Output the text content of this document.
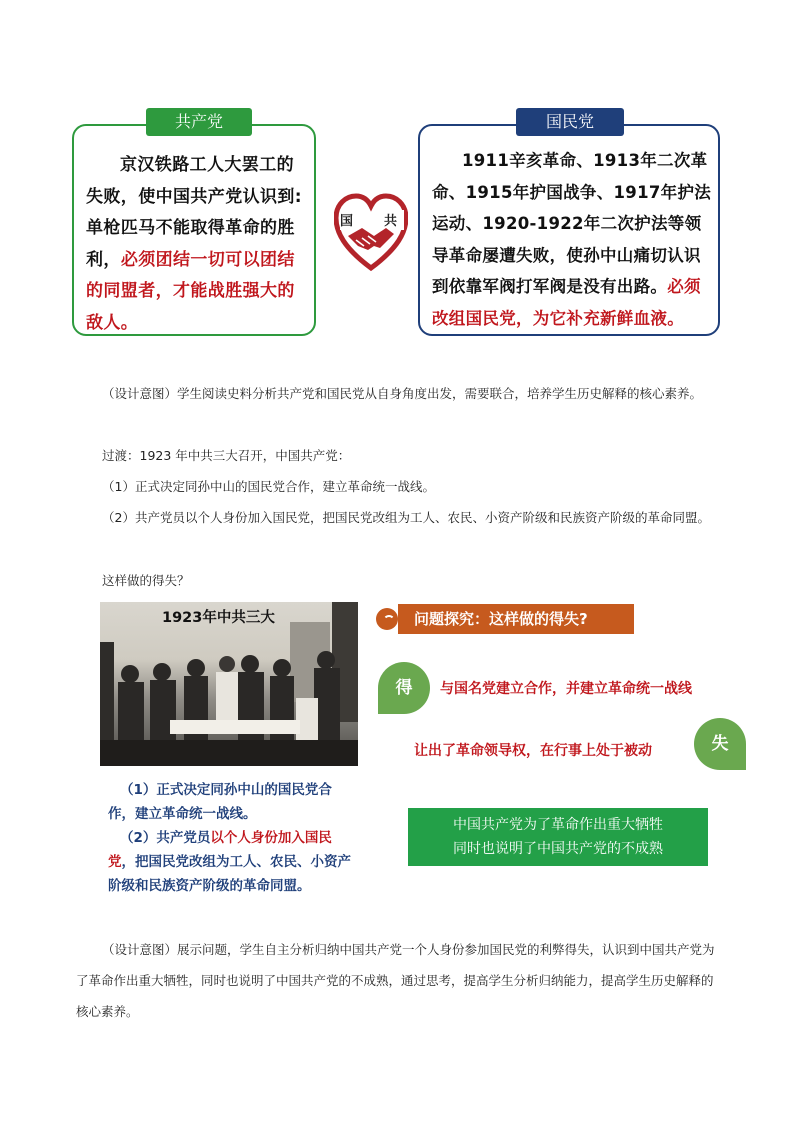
共产党
京汉铁路工人大罢工的失败，使中国共产党认识到:单枪匹马不能取得革命的胜利，必须团结一切可以团结的同盟者，才能战胜强大的敌人。
国 共
国民党
1911辛亥革命、1913年二次革命、1915年护国战争、1917年护法运动、1920-1922年二次护法等领导革命屡遭失败，使孙中山痛切认识到依靠军阀打军阀是没有出路。必须改组国民党，为它补充新鲜血液。
（设计意图）学生阅读史料分析共产党和国民党从自身角度出发，需要联合，培养学生历史解释的核心素养。
过渡：1923 年中共三大召开，中国共产党：
（1）正式决定同孙中山的国民党合作，建立革命统一战线。
（2）共产党员以个人身份加入国民党，把国民党改组为工人、农民、小资产阶级和民族资产阶级的革命同盟。
这样做的得失？
1923年中共三大
（1）正式决定同孙中山的国民党合作，建立革命统一战线。
（2）共产党员以个人身份加入国民党，把国民党改组为工人、农民、小资产阶级和民族资产阶级的革命同盟。
问题探究：这样做的得失?
得	与国名党建立合作，并建立革命统一战线
失
让出了革命领导权，在行事上处于被动
中国共产党为了革命作出重大牺牲
同时也说明了中国共产党的不成熟
（设计意图）展示问题，学生自主分析归纳中国共产党一个人身份参加国民党的利弊得失，认识到中国共产党为了革命作出重大牺牲，同时也说明了中国共产党的不成熟，通过思考，提高学生分析归纳能力，提高学生历史解释的核心素养。
